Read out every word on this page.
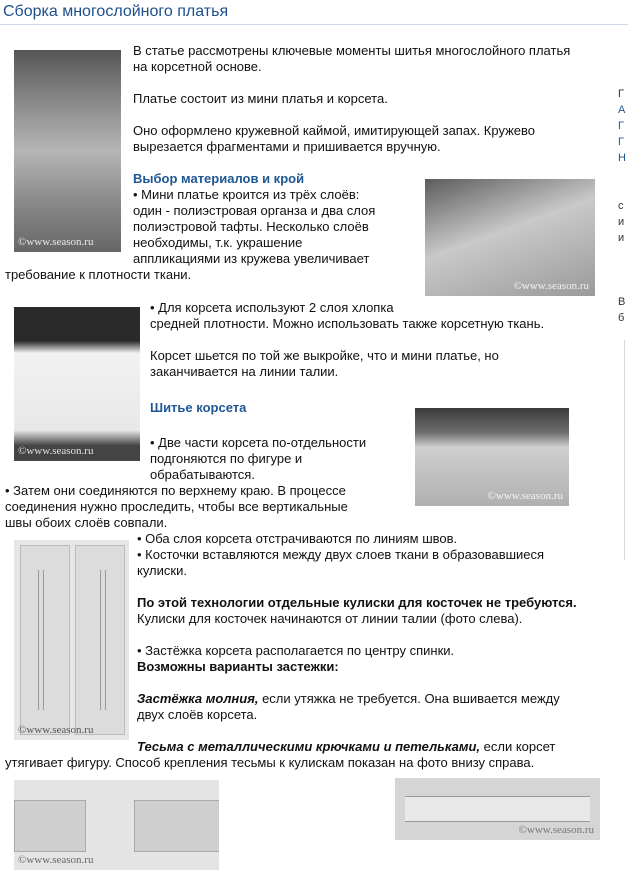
Сборка многослойного платья
©www.season.ru
В статье рассмотрены ключевые моменты шитья многослойного платья
на корсетной основе.
Платье состоит из мини платья и корсета.
Оно оформлено кружевной каймой, имитирующей запах. Кружево
вырезается фрагментами и пришивается вручную.
Выбор материалов и крой
• Мини платье кроится из трёх слоёв:
один - полиэстровая органза и два слоя
полиэстровой тафты. Несколько слоёв
необходимы, т.к. украшение
аппликациями из кружева увеличивает
требование к плотности ткани.
©www.season.ru
©www.season.ru
• Для корсета используют 2 слоя хлопка
средней плотности. Можно использовать также корсетную ткань.
Корсет шьется по той же выкройке, что и мини платье, но
заканчивается на линии талии.
Шитье корсета
©www.season.ru
• Две части корсета по-отдельности
подгоняются по фигуре и
обрабатываются.
• Затем они соединяются по верхнему краю. В процессе
соединения нужно проследить, чтобы все вертикальные
швы обоих слоёв совпали.
©www.season.ru
• Оба слоя корсета отстрачиваются по линиям швов.
• Косточки вставляются между двух слоев ткани в образовавшиеся
кулиски.
По этой технологии отдельные кулиски для косточек не требуются.
Кулиски для косточек начинаются от линии талии (фото слева).
• Застёжка корсета располагается по центру спинки.
Возможны варианты застежки:
Застёжка молния, если утяжка не требуется. Она вшивается между
двух слоёв корсета.
Тесьма с металлическими крючками и петельками, если корсет
утягивает фигуру. Способ крепления тесьмы к кулискам показан на фото внизу справа.
©www.season.ru
©www.season.ru
Г
А
Г
Г
Н
с
и
и
В
б
